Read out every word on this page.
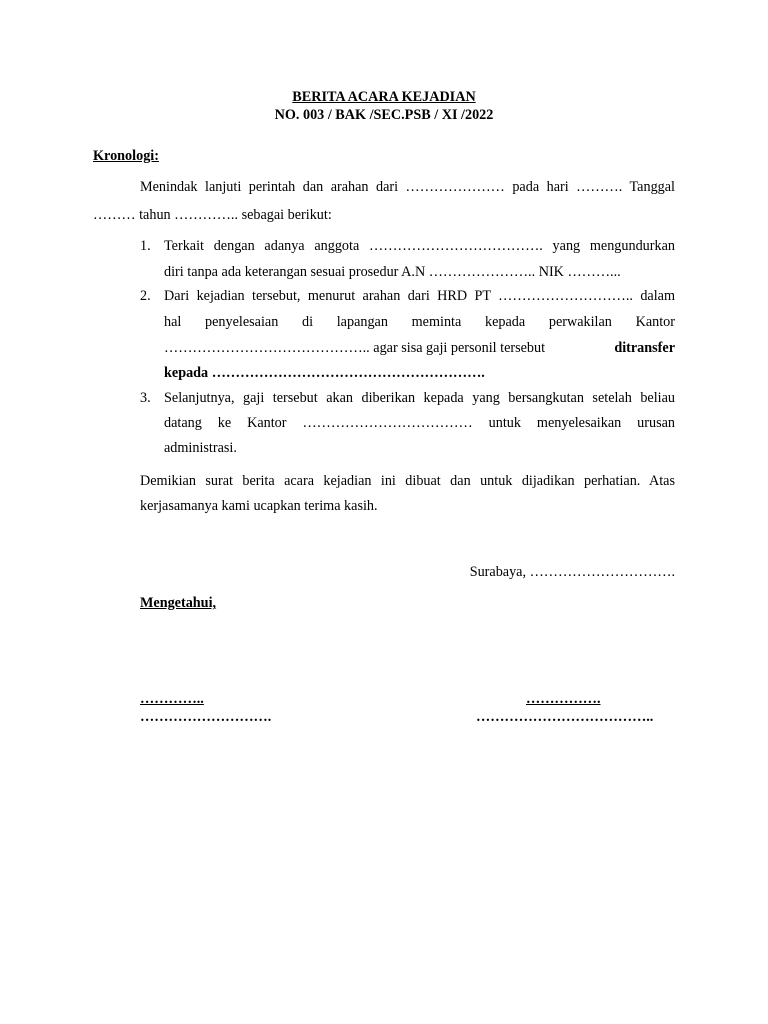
BERITA ACARA KEJADIAN
NO. 003 / BAK /SEC.PSB / XI /2022
Kronologi:
Menindak lanjuti perintah dan arahan dari ………………… pada hari ………. Tanggal
……… tahun ………….. sebagai berikut:
1. Terkait dengan adanya anggota ………………………………. yang mengundurkan
diri tanpa ada keterangan sesuai prosedur A.N ………………….. NIK ………...
2. Dari kejadian tersebut, menurut arahan dari HRD PT ……………………….. dalam
hal penyelesaian di lapangan meminta kepada perwakilan Kantor
…………………………………….. agar sisa gaji personil tersebut	ditransfer
kepada ………………………………………………….
3. Selanjutnya, gaji tersebut akan diberikan kepada yang bersangkutan setelah beliau
datang ke Kantor ……………………………… untuk menyelesaikan urusan
administrasi.
Demikian surat berita acara kejadian ini dibuat dan untuk dijadikan perhatian. Atas
kerjasamanya kami ucapkan terima kasih.
Surabaya, ………………………….
Mengetahui,
…………..
……………………….
…………….
………………………………..
